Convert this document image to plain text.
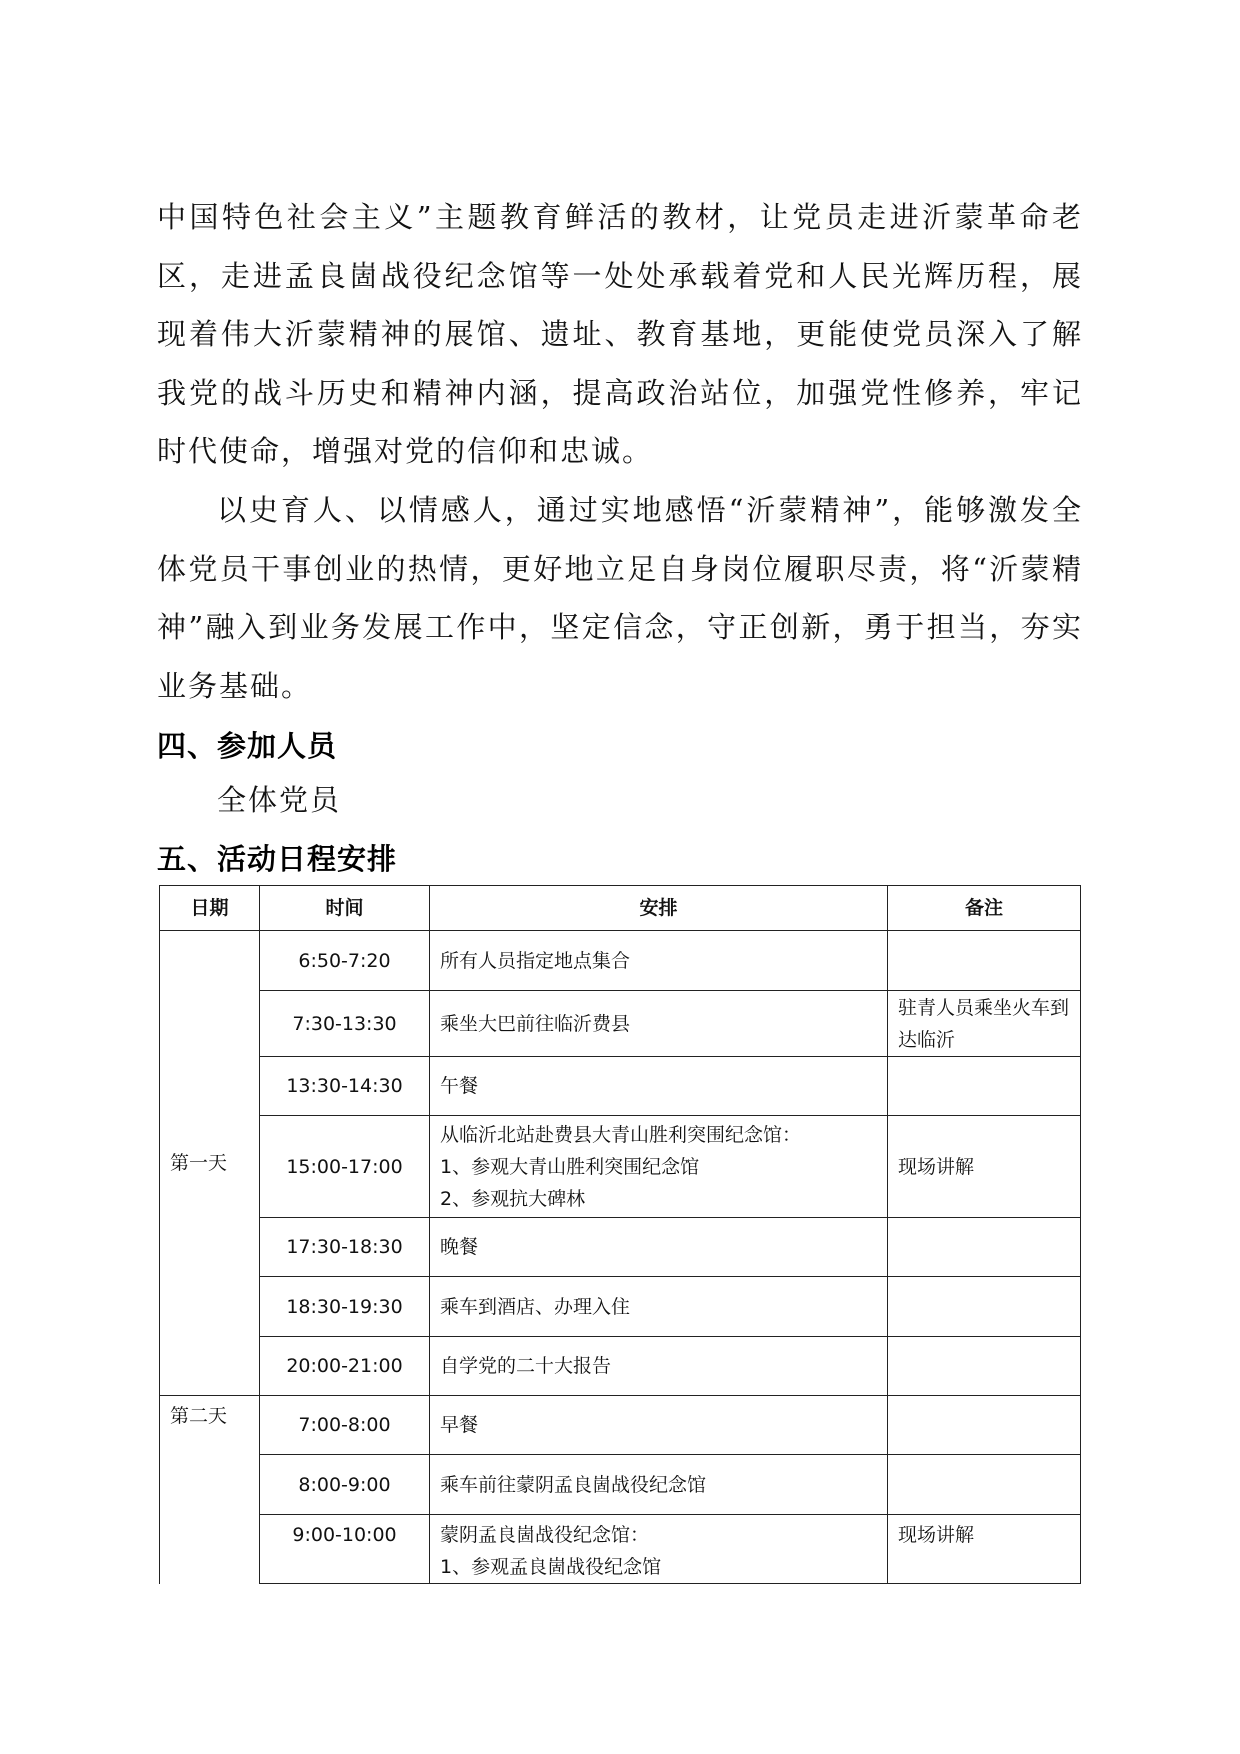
中国特色社会主义”主题教育鲜活的教材，让党员走进沂蒙革命老区，走进孟良崮战役纪念馆等一处处承载着党和人民光辉历程，展现着伟大沂蒙精神的展馆、遗址、教育基地，更能使党员深入了解我党的战斗历史和精神内涵，提高政治站位，加强党性修养，牢记时代使命，增强对党的信仰和忠诚。

以史育人、以情感人，通过实地感悟“沂蒙精神”，能够激发全体党员干事创业的热情，更好地立足自身岗位履职尽责，将“沂蒙精神”融入到业务发展工作中，坚定信念，守正创新，勇于担当，夯实业务基础。

四、参加人员

全体党员

五、活动日程安排
日期	时间	安排	备注
第一天	6:50-7:20	所有人员指定地点集合	
	7:30-13:30	乘坐大巴前往临沂费县	驻青人员乘坐火车到达临沂
	13:30-14:30	午餐	
	15:00-17:00	从临沂北站赴费县大青山胜利突围纪念馆：
1、参观大青山胜利突围纪念馆
2、参观抗大碑林	现场讲解
	17:30-18:30	晚餐	
	18:30-19:30	乘车到酒店、办理入住	
	20:00-21:00	自学党的二十大报告	
第二天	7:00-8:00	早餐	
	8:00-9:00	乘车前往蒙阴孟良崮战役纪念馆	
	9:00-10:00	蒙阴孟良崮战役纪念馆：
1、参观孟良崮战役纪念馆	现场讲解
